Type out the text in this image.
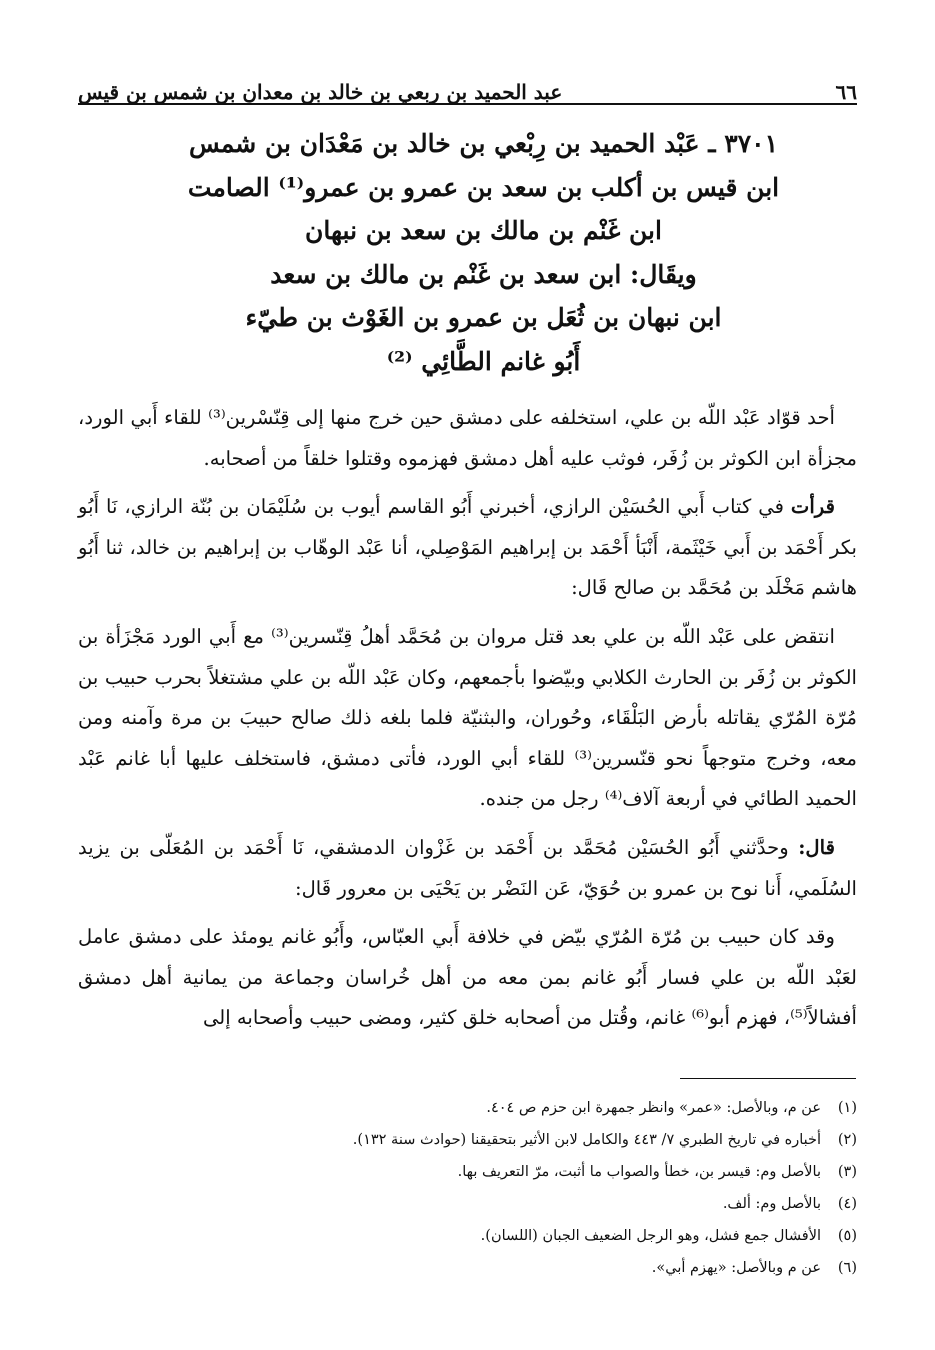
٦٦
عبد الحميد بن ربعي بن خالد بن معدان بن شمس بن قيس
٣٧٠١ ـ عَبْد الحميد بن رِبْعي بن خالد بن مَعْدَان بن شمس
ابن قيس بن أكلب بن سعد بن عمرو بن عمرو⁽¹⁾ الصامت
ابن غَنْم بن مالك بن سعد بن نبهان
ويقَال: ابن سعد بن غَنْم بن مالك بن سعد
ابن نبهان بن ثُعَل بن عمرو بن الغَوْث بن طيّء
أَبُو غانم الطَّائِي ⁽²⁾

أحد قوّاد عَبْد اللّه بن علي، استخلفه على دمشق حين خرج منها إلى قِنّسْرين⁽³⁾ للقاء أَبي الورد، مجزأة ابن الكوثر بن زُفَر، فوثب عليه أهل دمشق فهزموه وقتلوا خلقاً من أصحابه.

قرأت في كتاب أَبي الحُسَيْن الرازي، أخبرني أَبُو القاسم أيوب بن سُلَيْمَان بن بُنّة الرازي، نَا أَبُو بكر أَحْمَد بن أَبي خَيْثَمة، أَنْبَأ أَحْمَد بن إبراهيم المَوْصِلي، أنا عَبْد الوهّاب بن إبراهيم بن خالد، ثنا أَبُو هاشم مَخْلَد بن مُحَمَّد بن صالح قَال:

انتقض على عَبْد اللّه بن علي بعد قتل مروان بن مُحَمَّد أهلُ قِنّسرين⁽³⁾ مع أَبي الورد مَجْزَأة بن الكوثر بن زُفَر بن الحارث الكلابي وبيّضوا بأجمعهم، وكان عَبْد اللّه بن علي مشتغلاً بحرب حبيب بن مُرّة المُرّي يقاتله بأرض البَلْقَاء، وحُوران، والبثنيّة فلما بلغه ذلك صالح حبيبَ بن مرة وآمنه ومن معه، وخرج متوجهاً نحو قنّسرين⁽³⁾ للقاء أبي الورد، فأتى دمشق، فاستخلف عليها أبا غانم عَبْد الحميد الطائي في أربعة آلاف⁽⁴⁾ رجل من جنده.

قال: وحدَّثني أَبُو الحُسَيْن مُحَمَّد بن أَحْمَد بن غَزْوان الدمشقي، نَا أَحْمَد بن المُعَلّى بن يزيد السُلَمي، أَنا نوح بن عمرو بن حُوَيّ، عَن النَضْر بن يَحْيَى بن معرور قَال:

وقد كان حبيب بن مُرّة المُرّي بيّض في خلافة أَبي العبّاس، وأَبُو غانم يومئذ على دمشق عامل لعَبْد اللّه بن علي فسار أَبُو غانم بمن معه من أهل خُراسان وجماعة من يمانية أهل دمشق أفشالاً⁽⁵⁾، فهزم أبو⁽⁶⁾ غانم، وقُتل من أصحابه خلق كثير، ومضى حبيب وأصحابه إلى

(١)
عن م، وبالأصل: «عمر» وانظر جمهرة ابن حزم ص ٤٠٤.
(٢)
أخباره في تاريخ الطبري ٧/ ٤٤٣ والكامل لابن الأثير بتحقيقنا (حوادث سنة ١٣٢).
(٣)
بالأصل وم: قيسر بن، خطأ والصواب ما أثبت، مرّ التعريف بها.
(٤)
بالأصل وم: ألف.
(٥)
الأفشال جمع فشل، وهو الرجل الضعيف الجبان (اللسان).
(٦)
عن م وبالأصل: «يهزم أبي».
